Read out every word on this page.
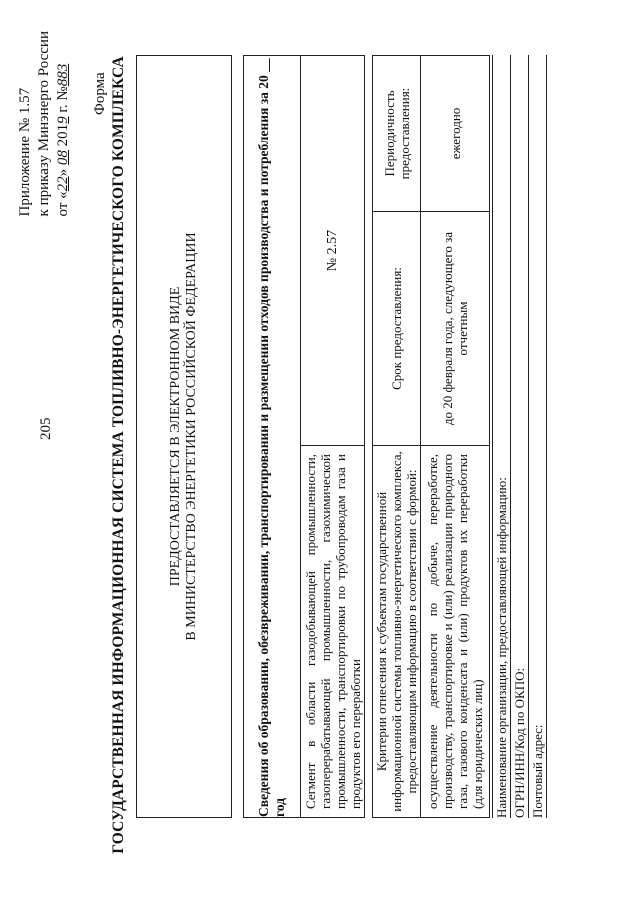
205
Приложение № 1.57 к приказу Минэнерго России от «22» 08 2019 г. №883 Форма ГОСУДАРСТВЕННАЯ ИНФОРМАЦИОННАЯ СИСТЕМА ТОПЛИВНО-ЭНЕРГЕТИЧЕСКОГО КОМПЛЕКСА	ПРЕДОСТАВЛЯЕТСЯ В ЭЛЕКТРОННОМ ВИДЕ В МИНИСТЕРСТВО ЭНЕРГЕТИКИ РОССИЙСКОЙ ФЕДЕРАЦИИ	Сведения об образовании, обезвреживании, транспортировании и размещении отходов производства и потребления за 20 __ год Сегмент в области газодобывающей промышленности, газоперерабатывающей промышленности, газохимической промышленности, транспортировки по трубопроводам газа и продуктов его переработки
№ 2.57
Критерии отнесения к субъектам государственной информационной системы топливно-энергетического комплекса, предоставляющим информацию в соответствии с формой:
Срок предоставления:
Периодичность предоставления:
осуществление деятельности по добыче, переработке, производству, транспортировке и (или) реализации природного газа, газового конденсата и (или) продуктов их переработки (для юридических лиц)
до 20 февраля года, следующего за отчетным
ежегодно
Наименование организации, предоставляющей информацию: ОГРН/ИНН/Код по ОКПО: Почтовый адрес:
